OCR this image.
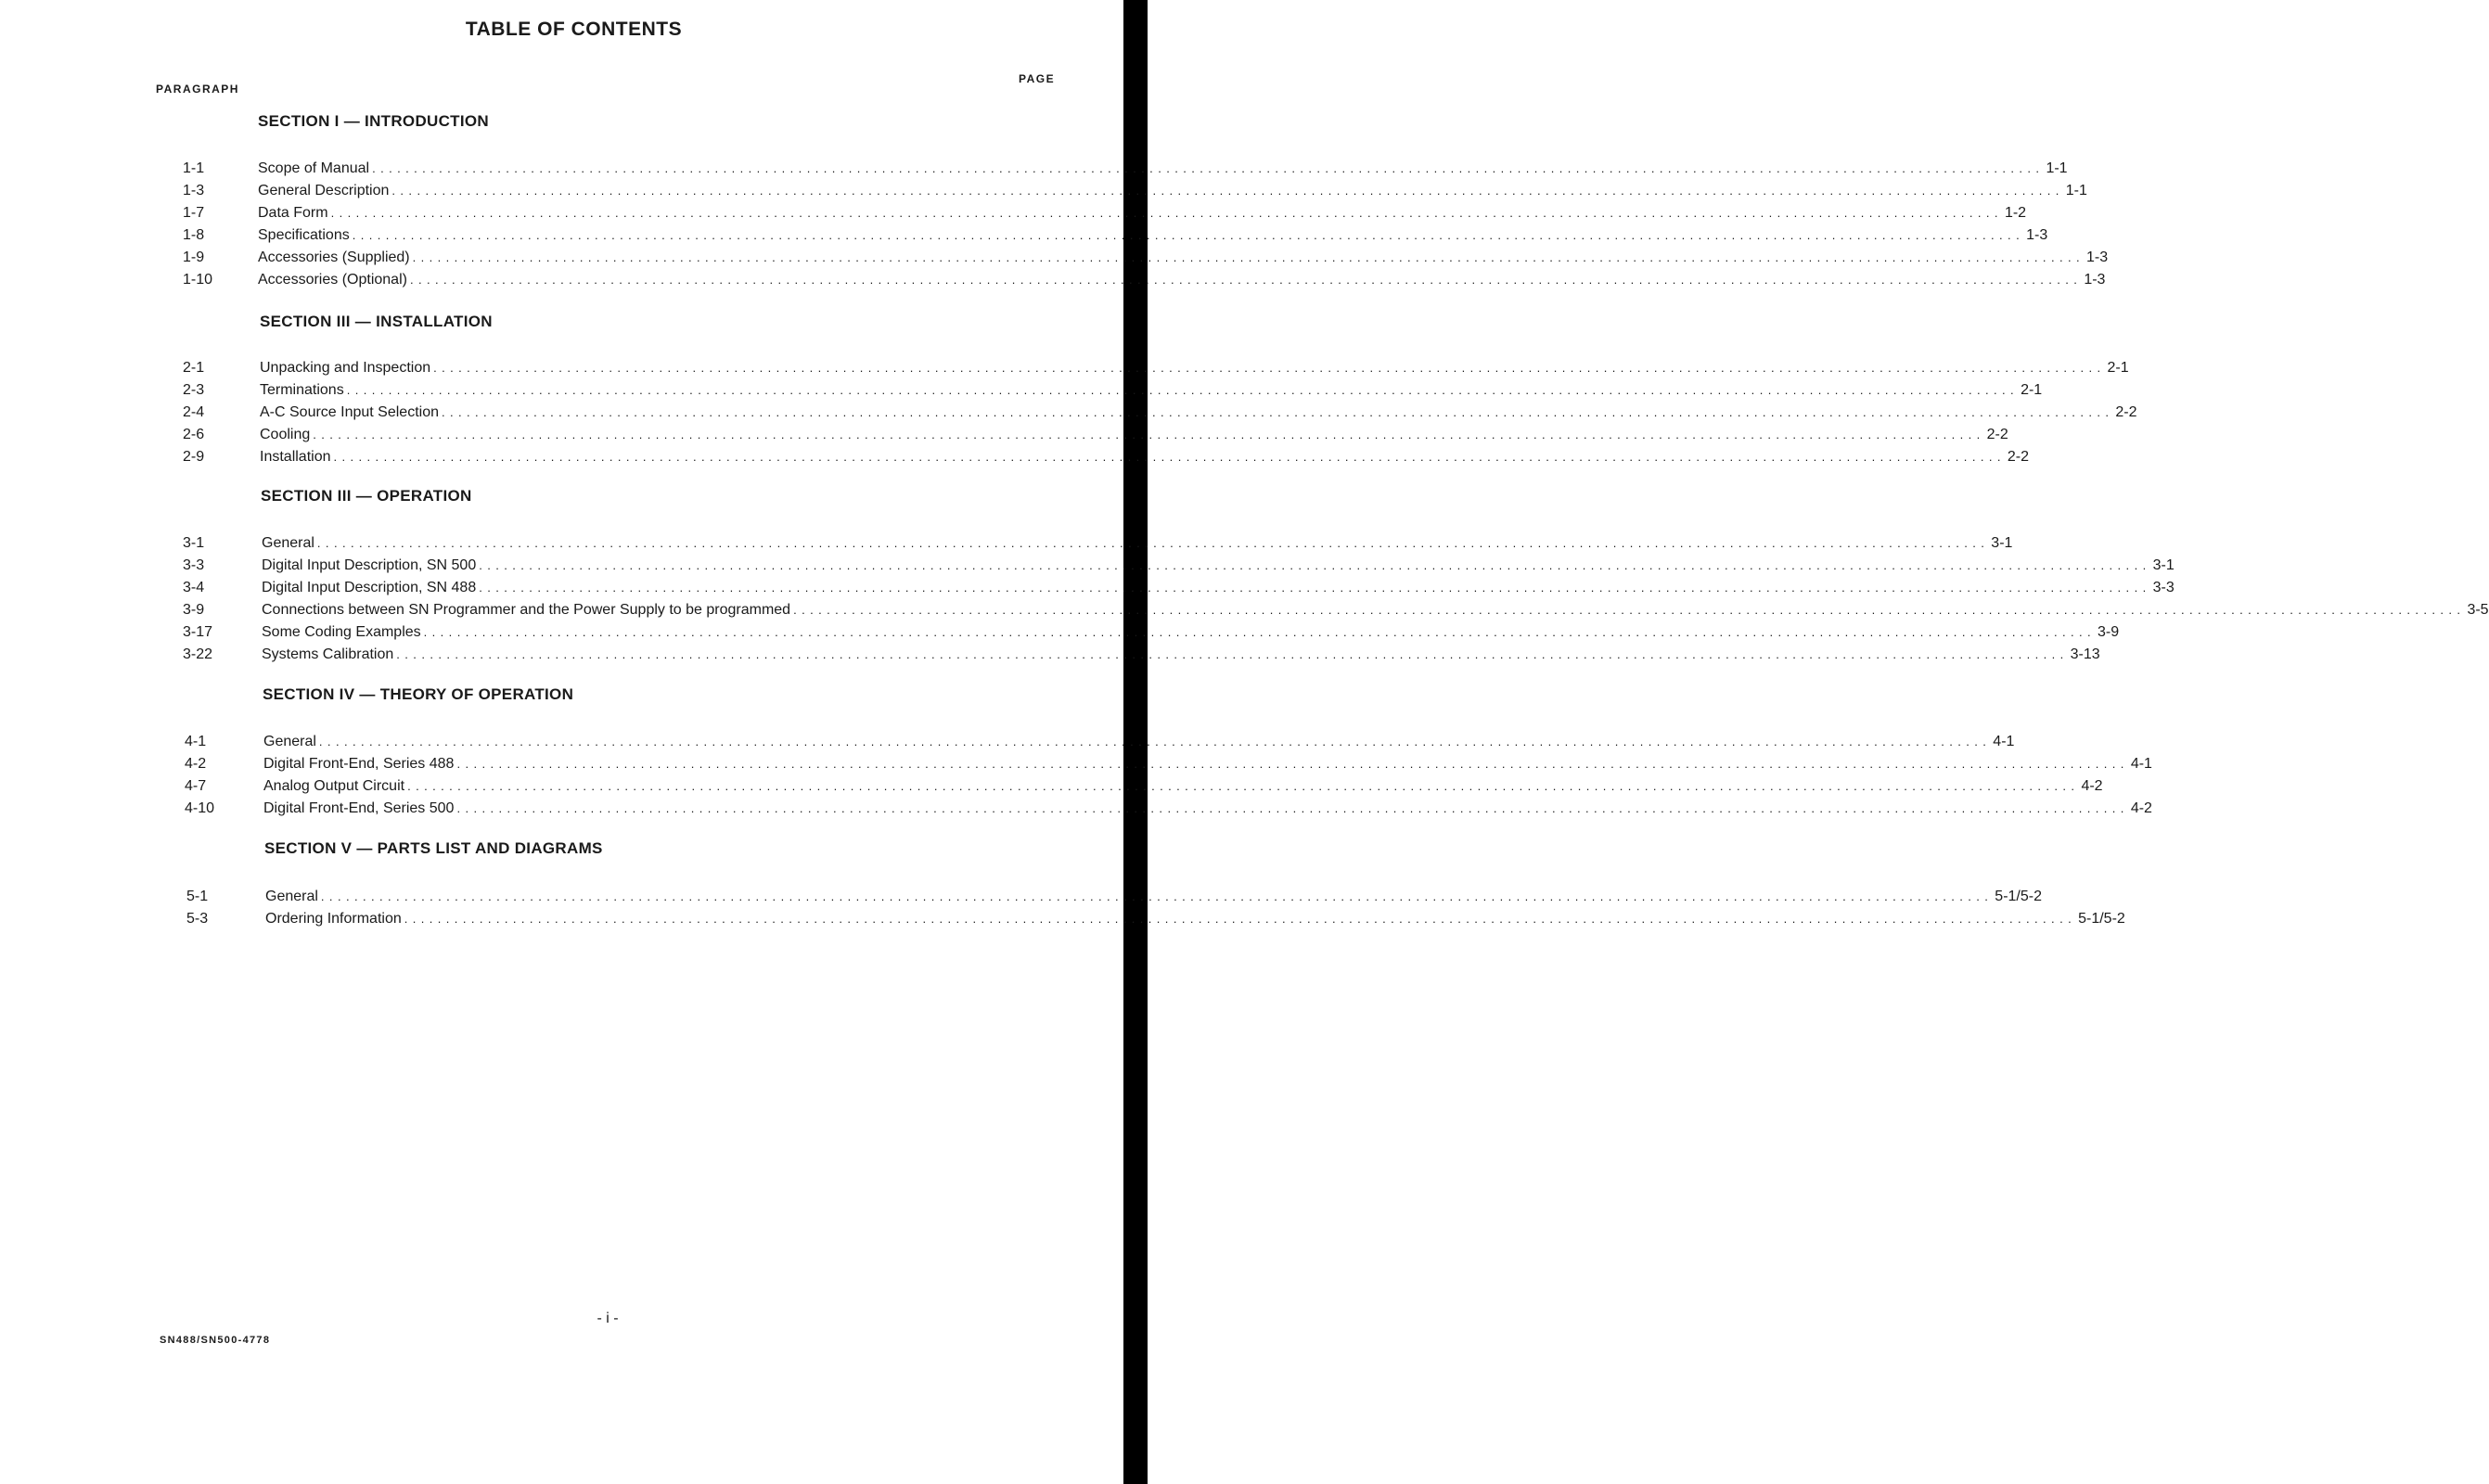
TABLE OF CONTENTS
PARAGRAPH
PAGE
SECTION I — INTRODUCTION
1-1	Scope of Manual ........................................................................................................................................................................................................ 1-1
1-3	General Description ........................................................................................................................................................................................................ 1-1
1-7	Data Form ........................................................................................................................................................................................................ 1-2
1-8	Specifications ........................................................................................................................................................................................................ 1-3
1-9	Accessories (Supplied) ........................................................................................................................................................................................................ 1-3
1-10	Accessories (Optional) ........................................................................................................................................................................................................ 1-3
SECTION III — INSTALLATION
2-1	Unpacking and Inspection ........................................................................................................................................................................................................ 2-1
2-3	Terminations ........................................................................................................................................................................................................ 2-1
2-4	A-C Source Input Selection ........................................................................................................................................................................................................ 2-2
2-6	Cooling ........................................................................................................................................................................................................ 2-2
2-9	Installation ........................................................................................................................................................................................................ 2-2
SECTION III — OPERATION
3-1	General ........................................................................................................................................................................................................ 3-1
3-3	Digital Input Description, SN 500 ........................................................................................................................................................................................................ 3-1
3-4	Digital Input Description, SN 488 ........................................................................................................................................................................................................ 3-3
3-9	Connections between SN Programmer and the Power Supply to be programmed ........................................................................................................................................................................................................ 3-5
3-17	Some Coding Examples ........................................................................................................................................................................................................ 3-9
3-22	Systems Calibration ........................................................................................................................................................................................................ 3-13
SECTION IV — THEORY OF OPERATION
4-1	General ........................................................................................................................................................................................................ 4-1
4-2	Digital Front-End, Series 488 ........................................................................................................................................................................................................ 4-1
4-7	Analog Output Circuit ........................................................................................................................................................................................................ 4-2
4-10	Digital Front-End, Series 500 ........................................................................................................................................................................................................ 4-2
SECTION V — PARTS LIST AND DIAGRAMS
5-1	General ........................................................................................................................................................................................................ 5-1/5-2
5-3	Ordering Information ........................................................................................................................................................................................................ 5-1/5-2
- i -
SN488/SN500-4778
